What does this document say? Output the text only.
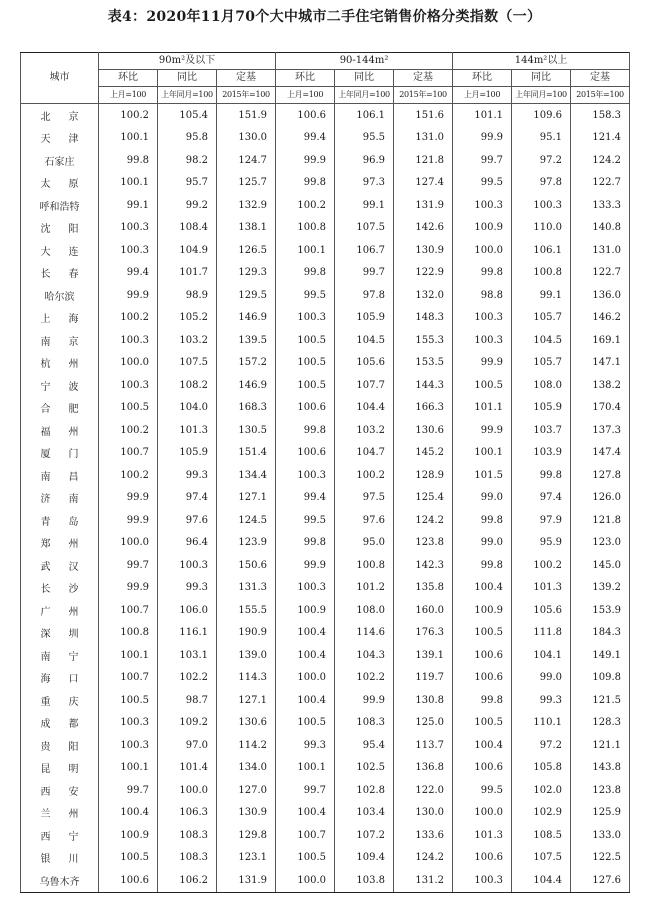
表4：2020年11月70个大中城市二手住宅销售价格分类指数（一）
城市	90m²及以下			90-144m²			144m²以上		
	环比	同比	定基	环比	同比	定基	环比	同比	定基
	上月=100	上年同月=100	2015年=100	上月=100	上年同月=100	2015年=100	上月=100	上年同月=100	2015年=100
北京	100.2	105.4	151.9	100.6	106.1	151.6	101.1	109.6	158.3
天津	100.1	95.8	130.0	99.4	95.5	131.0	99.9	95.1	121.4
石家庄	99.8	98.2	124.7	99.9	96.9	121.8	99.7	97.2	124.2
太原	100.1	95.7	125.7	99.8	97.3	127.4	99.5	97.8	122.7
呼和浩特	99.1	99.2	132.9	100.2	99.1	131.9	100.3	100.3	133.3
沈阳	100.3	108.4	138.1	100.8	107.5	142.6	100.9	110.0	140.8
大连	100.3	104.9	126.5	100.1	106.7	130.9	100.0	106.1	131.0
长春	99.4	101.7	129.3	99.8	99.7	122.9	99.8	100.8	122.7
哈尔滨	99.9	98.9	129.5	99.5	97.8	132.0	98.8	99.1	136.0
上海	100.2	105.2	146.9	100.3	105.9	148.3	100.3	105.7	146.2
南京	100.3	103.2	139.5	100.5	104.5	155.3	100.3	104.5	169.1
杭州	100.0	107.5	157.2	100.5	105.6	153.5	99.9	105.7	147.1
宁波	100.3	108.2	146.9	100.5	107.7	144.3	100.5	108.0	138.2
合肥	100.5	104.0	168.3	100.6	104.4	166.3	101.1	105.9	170.4
福州	100.2	101.3	130.5	99.8	103.2	130.6	99.9	103.7	137.3
厦门	100.7	105.9	151.4	100.6	104.7	145.2	100.1	103.9	147.4
南昌	100.2	99.3	134.4	100.3	100.2	128.9	101.5	99.8	127.8
济南	99.9	97.4	127.1	99.4	97.5	125.4	99.0	97.4	126.0
青岛	99.9	97.6	124.5	99.5	97.6	124.2	99.8	97.9	121.8
郑州	100.0	96.4	123.9	99.8	95.0	123.8	99.0	95.9	123.0
武汉	99.7	100.3	150.6	99.9	100.8	142.3	99.8	100.2	145.0
长沙	99.9	99.3	131.3	100.3	101.2	135.8	100.4	101.3	139.2
广州	100.7	106.0	155.5	100.9	108.0	160.0	100.9	105.6	153.9
深圳	100.8	116.1	190.9	100.4	114.6	176.3	100.5	111.8	184.3
南宁	100.1	103.1	139.0	100.4	104.3	139.1	100.6	104.1	149.1
海口	100.7	102.2	114.3	100.0	102.2	119.7	100.6	99.0	109.8
重庆	100.5	98.7	127.1	100.4	99.9	130.8	99.8	99.3	121.5
成都	100.3	109.2	130.6	100.5	108.3	125.0	100.5	110.1	128.3
贵阳	100.3	97.0	114.2	99.3	95.4	113.7	100.4	97.2	121.1
昆明	100.1	101.4	134.0	100.1	102.5	136.8	100.6	105.8	143.8
西安	99.7	100.0	127.0	99.7	102.8	122.0	99.5	102.0	123.8
兰州	100.4	106.3	130.9	100.4	103.4	130.0	100.0	102.9	125.9
西宁	100.9	108.3	129.8	100.7	107.2	133.6	101.3	108.5	133.0
银川	100.5	108.3	123.1	100.5	109.4	124.2	100.6	107.5	122.5
乌鲁木齐	100.6	106.2	131.9	100.0	103.8	131.2	100.3	104.4	127.6
